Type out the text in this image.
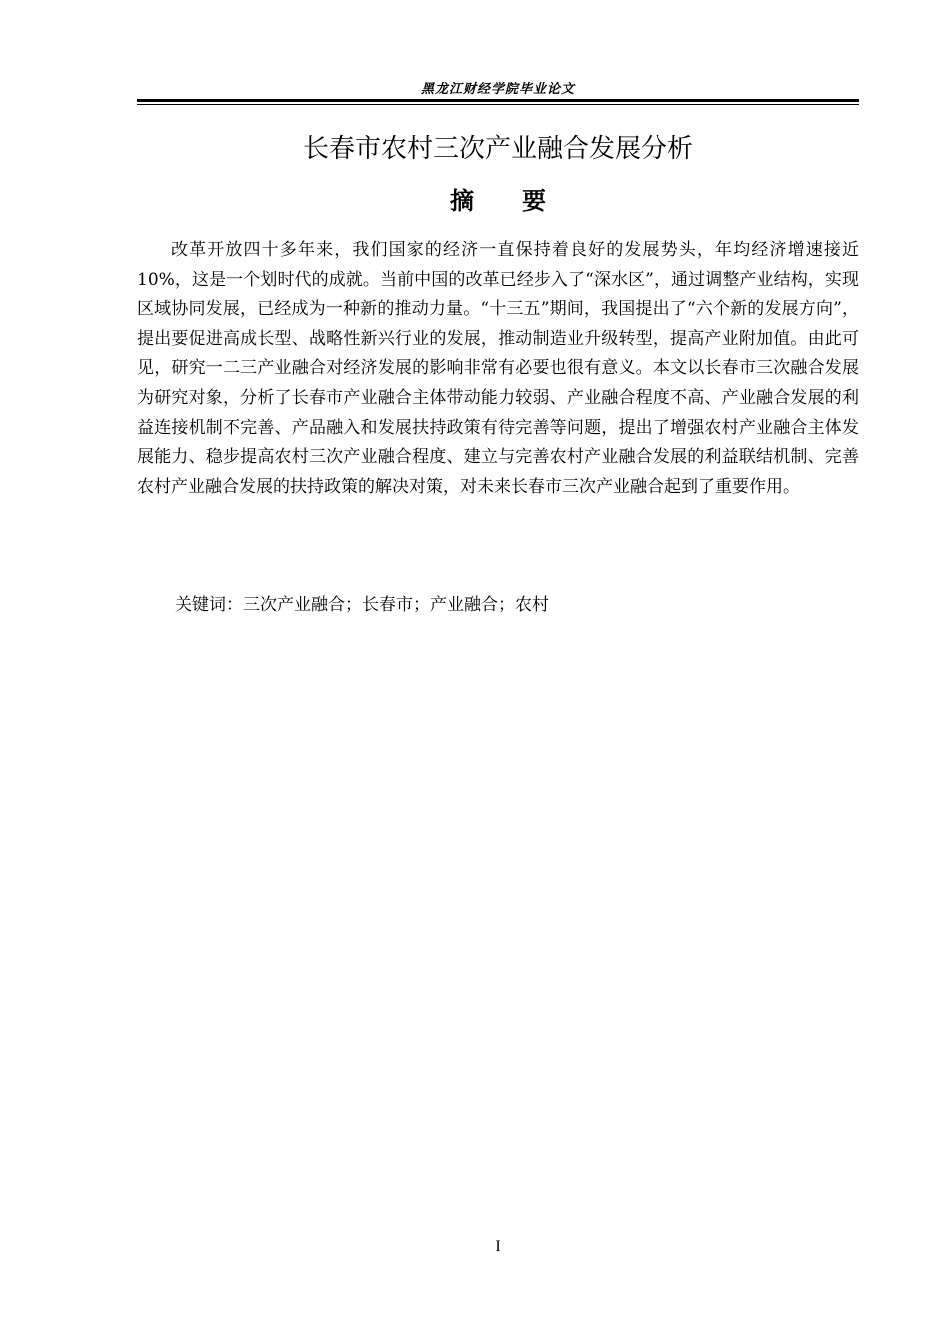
黑龙江财经学院毕业论文
长春市农村三次产业融合发展分析
摘 要

改革开放四十多年来，我们国家的经济一直保持着良好的发展势头，年均经济增速接近10%，这是一个划时代的成就。当前中国的改革已经步入了“深水区”，通过调整产业结构，实现区域协同发展，已经成为一种新的推动力量。“十三五”期间，我国提出了“六个新的发展方向”，提出要促进高成长型、战略性新兴行业的发展，推动制造业升级转型，提高产业附加值。由此可见，研究一二三产业融合对经济发展的影响非常有必要也很有意义。本文以长春市三次融合发展为研究对象，分析了长春市产业融合主体带动能力较弱、产业融合程度不高、产业融合发展的利益连接机制不完善、产品融入和发展扶持政策有待完善等问题，提出了增强农村产业融合主体发展能力、稳步提高农村三次产业融合程度、建立与完善农村产业融合发展的利益联结机制、完善农村产业融合发展的扶持政策的解决对策，对未来长春市三次产业融合起到了重要作用。

关键词：三次产业融合；长春市；产业融合；农村
I
